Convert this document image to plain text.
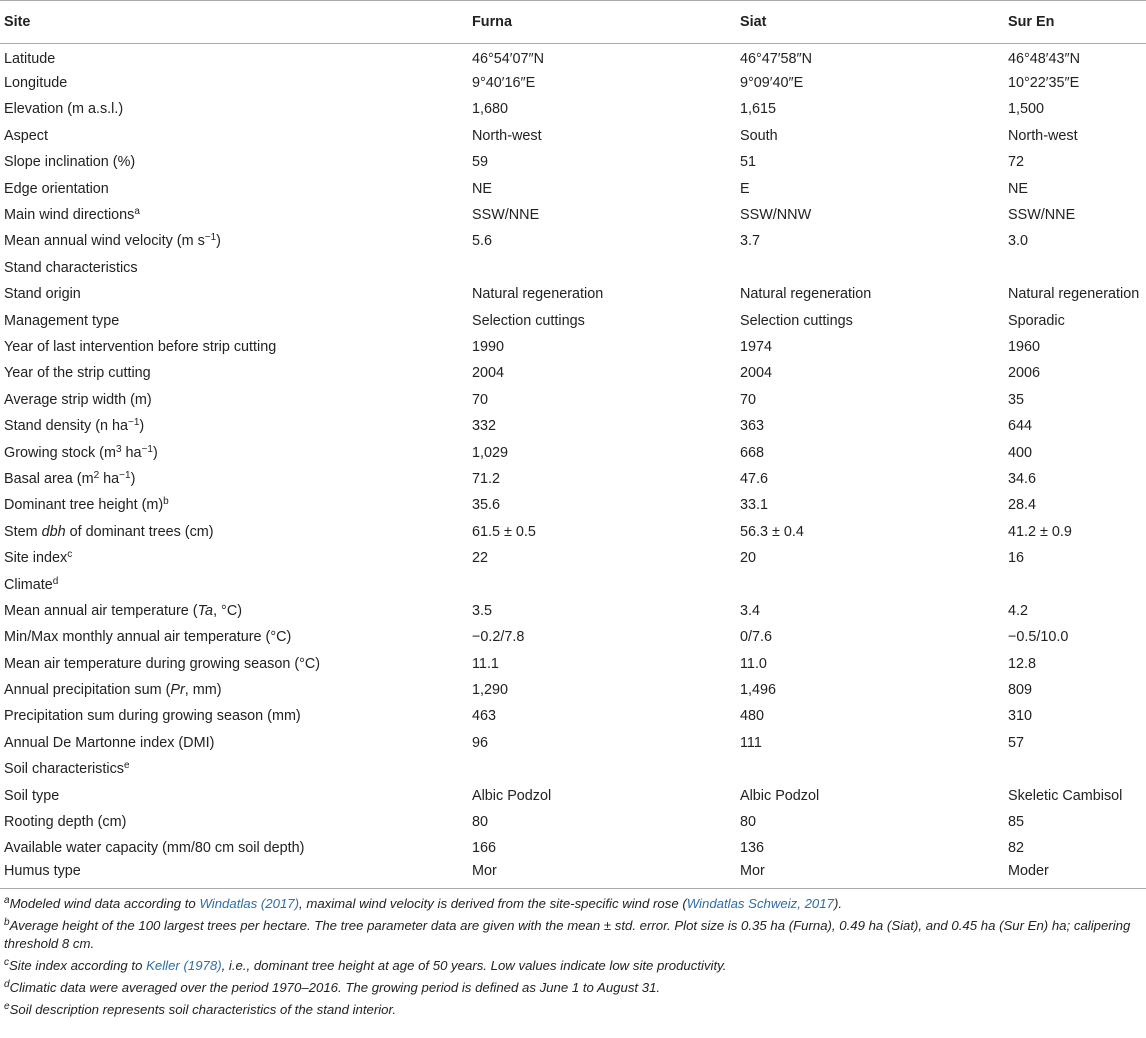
Site	Furna	Siat	Sur En
Latitude	46°54′07″N	46°47′58″N	46°48′43″N
Longitude	9°40′16″E	9°09′40″E	10°22′35″E
Elevation (m a.s.l.)	1,680	1,615	1,500
Aspect	North-west	South	North-west
Slope inclination (%)	59	51	72
Edge orientation	NE	E	NE
Main wind directions$^a$	SSW/NNE	SSW/NNW	SSW/NNE
Mean annual wind velocity (m $s^{-1}$)	5.6	3.7	3.0
Stand characteristics			
Stand origin	Natural regeneration	Natural regeneration	Natural regeneration
Management type	Selection cuttings	Selection cuttings	Sporadic
Year of last intervention before strip cutting	1990	1974	1960
Year of the strip cutting	2004	2004	2006
Average strip width (m)	70	70	35
Stand density (n $ha^{-1}$)	332	363	644
Growing stock ($m^3$ $ha^{-1}$)	1,029	668	400
Basal area ($m^2$ $ha^{-1}$)	71.2	47.6	34.6
Dominant tree height $(m)^b$	35.6	33.1	28.4
Stem dbh of dominant trees (cm)	61.5 ± 0.5	56.3 ± 0.4	41.2 ± 0.9
Site index$^c$	22	20	16
Climate$^d$			
Mean annual air temperature (Ta, °C)	3.5	3.4	4.2
Min/Max monthly annual air temperature (°C)	−0.2/7.8	0/7.6	−0.5/10.0
Mean air temperature during growing season (°C)	11.1	11.0	12.8
Annual precipitation sum (Pr, mm)	1,290	1,496	809
Precipitation sum during growing season (mm)	463	480	310
Annual De Martonne index (DMI)	96	111	57
Soil characteristics$^e$			
Soil type	Albic Podzol	Albic Podzol	Skeletic Cambisol
Rooting depth (cm)	80	80	85
Available water capacity (mm/80 cm soil depth)	166	136	82
Humus type	Mor	Mor	Moder
$^a$Modeled wind data according to Windatlas (2017), maximal wind velocity is derived from the site-specific wind rose (Windatlas Schweiz, 2017).
$^b$Average height of the 100 largest trees per hectare. The tree parameter data are given with the mean ± std. error. Plot size is 0.35 ha (Furna), 0.49 ha (Siat), and 0.45 ha (Sur En) ha; calipering threshold 8 cm.
$^c$Site index according to Keller (1978), i.e., dominant tree height at age of 50 years. Low values indicate low site productivity.
$^d$Climatic data were averaged over the period 1970–2016. The growing period is defined as June 1 to August 31.
$^e$Soil description represents soil characteristics of the stand interior.
